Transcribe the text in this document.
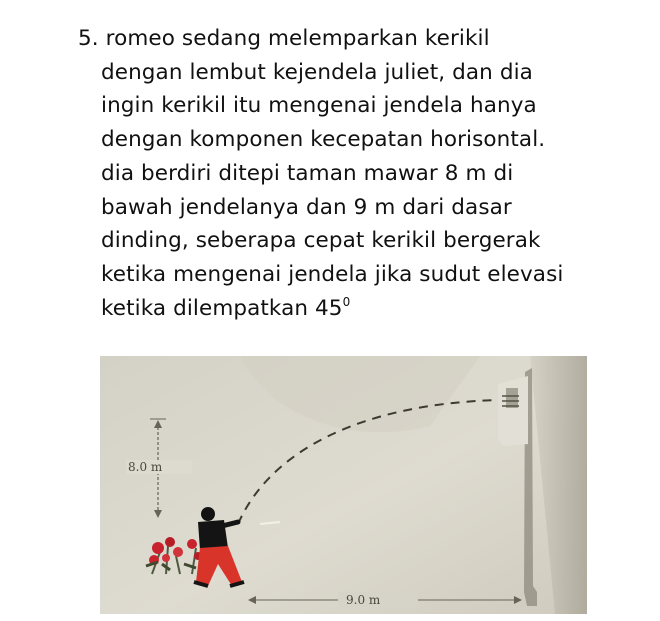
5. romeo sedang melemparkan kerikil
dengan lembut kejendela juliet, dan dia
ingin kerikil itu mengenai jendela hanya
dengan komponen kecepatan horisontal.
dia berdiri ditepi taman mawar 8 m di
bawah jendelanya dan 9 m dari dasar
dinding, seberapa cepat kerikil bergerak
ketika mengenai jendela jika sudut elevasi
ketika dilempatkan $45^0$
8.0 m
9.0 m
